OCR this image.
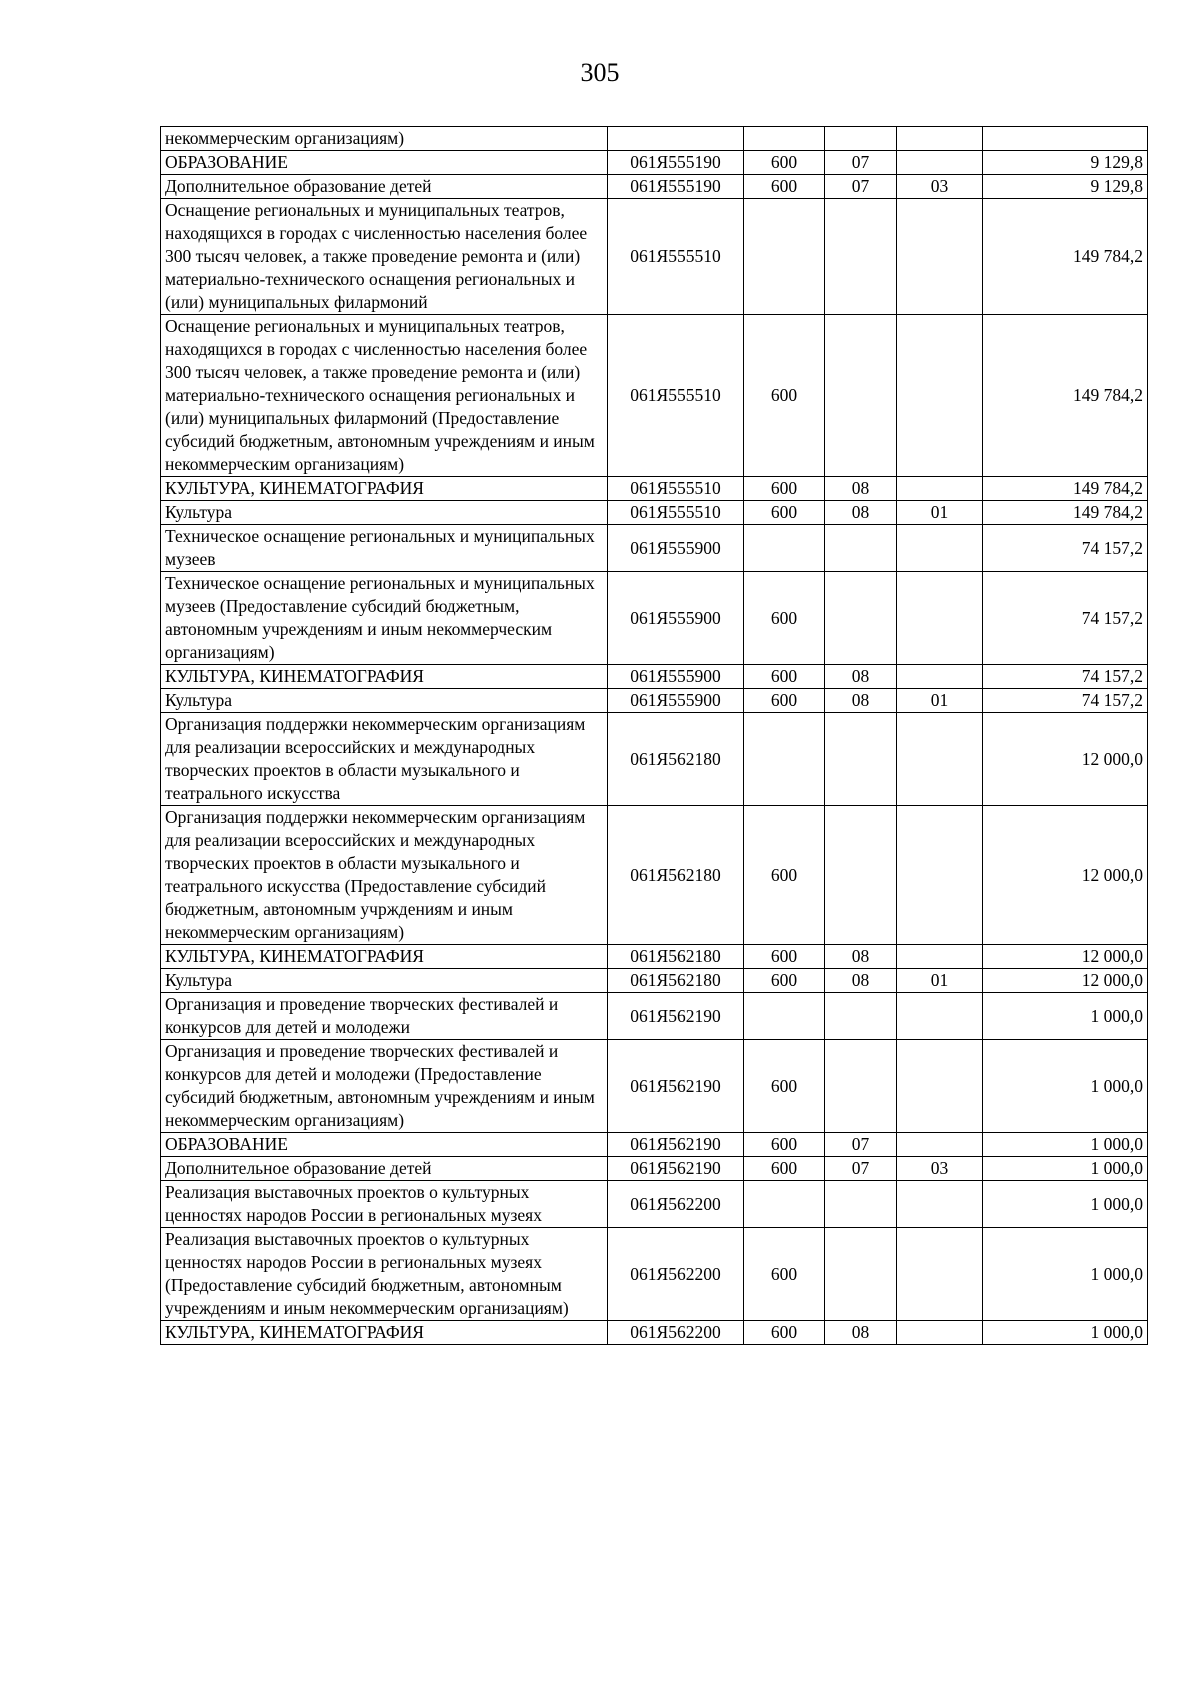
305
некоммерческим организациям)					
ОБРАЗОВАНИЕ	061Я555190	600	07		9 129,8
Дополнительное образование детей	061Я555190	600	07	03	9 129,8
Оснащение региональных и муниципальных театров, находящихся в городах с численностью населения более 300 тысяч человек, а также проведение ремонта и (или) материально-технического оснащения региональных и (или) муниципальных филармоний	061Я555510				149 784,2
Оснащение региональных и муниципальных театров, находящихся в городах с численностью населения более 300 тысяч человек, а также проведение ремонта и (или) материально-технического оснащения региональных и (или) муниципальных филармоний (Предоставление субсидий бюджетным, автономным учреждениям и иным некоммерческим организациям)	061Я555510	600			149 784,2
КУЛЬТУРА, КИНЕМАТОГРАФИЯ	061Я555510	600	08		149 784,2
Культура	061Я555510	600	08	01	149 784,2
Техническое оснащение региональных и муниципальных музеев	061Я555900				74 157,2
Техническое оснащение региональных и муниципальных музеев (Предоставление субсидий бюджетным, автономным учреждениям и иным некоммерческим организациям)	061Я555900	600			74 157,2
КУЛЬТУРА, КИНЕМАТОГРАФИЯ	061Я555900	600	08		74 157,2
Культура	061Я555900	600	08	01	74 157,2
Организация поддержки некоммерческим организациям для реализации всероссийских и международных творческих проектов в области музыкального и театрального искусства	061Я562180				12 000,0
Организация поддержки некоммерческим организациям для реализации всероссийских и международных творческих проектов в области музыкального и театрального искусства (Предоставление субсидий бюджетным, автономным учрждениям и иным некоммерческим организациям)	061Я562180	600			12 000,0
КУЛЬТУРА, КИНЕМАТОГРАФИЯ	061Я562180	600	08		12 000,0
Культура	061Я562180	600	08	01	12 000,0
Организация и проведение творческих фестивалей и конкурсов для детей и молодежи	061Я562190				1 000,0
Организация и проведение творческих фестивалей и конкурсов для детей и молодежи (Предоставление субсидий бюджетным, автономным учреждениям и иным некоммерческим организациям)	061Я562190	600			1 000,0
ОБРАЗОВАНИЕ	061Я562190	600	07		1 000,0
Дополнительное образование детей	061Я562190	600	07	03	1 000,0
Реализация выставочных проектов о культурных ценностях народов России в региональных музеях	061Я562200				1 000,0
Реализация выставочных проектов о культурных ценностях народов России в региональных музеях (Предоставление субсидий бюджетным, автономным учреждениям и иным некоммерческим организациям)	061Я562200	600			1 000,0
КУЛЬТУРА, КИНЕМАТОГРАФИЯ	061Я562200	600	08		1 000,0
